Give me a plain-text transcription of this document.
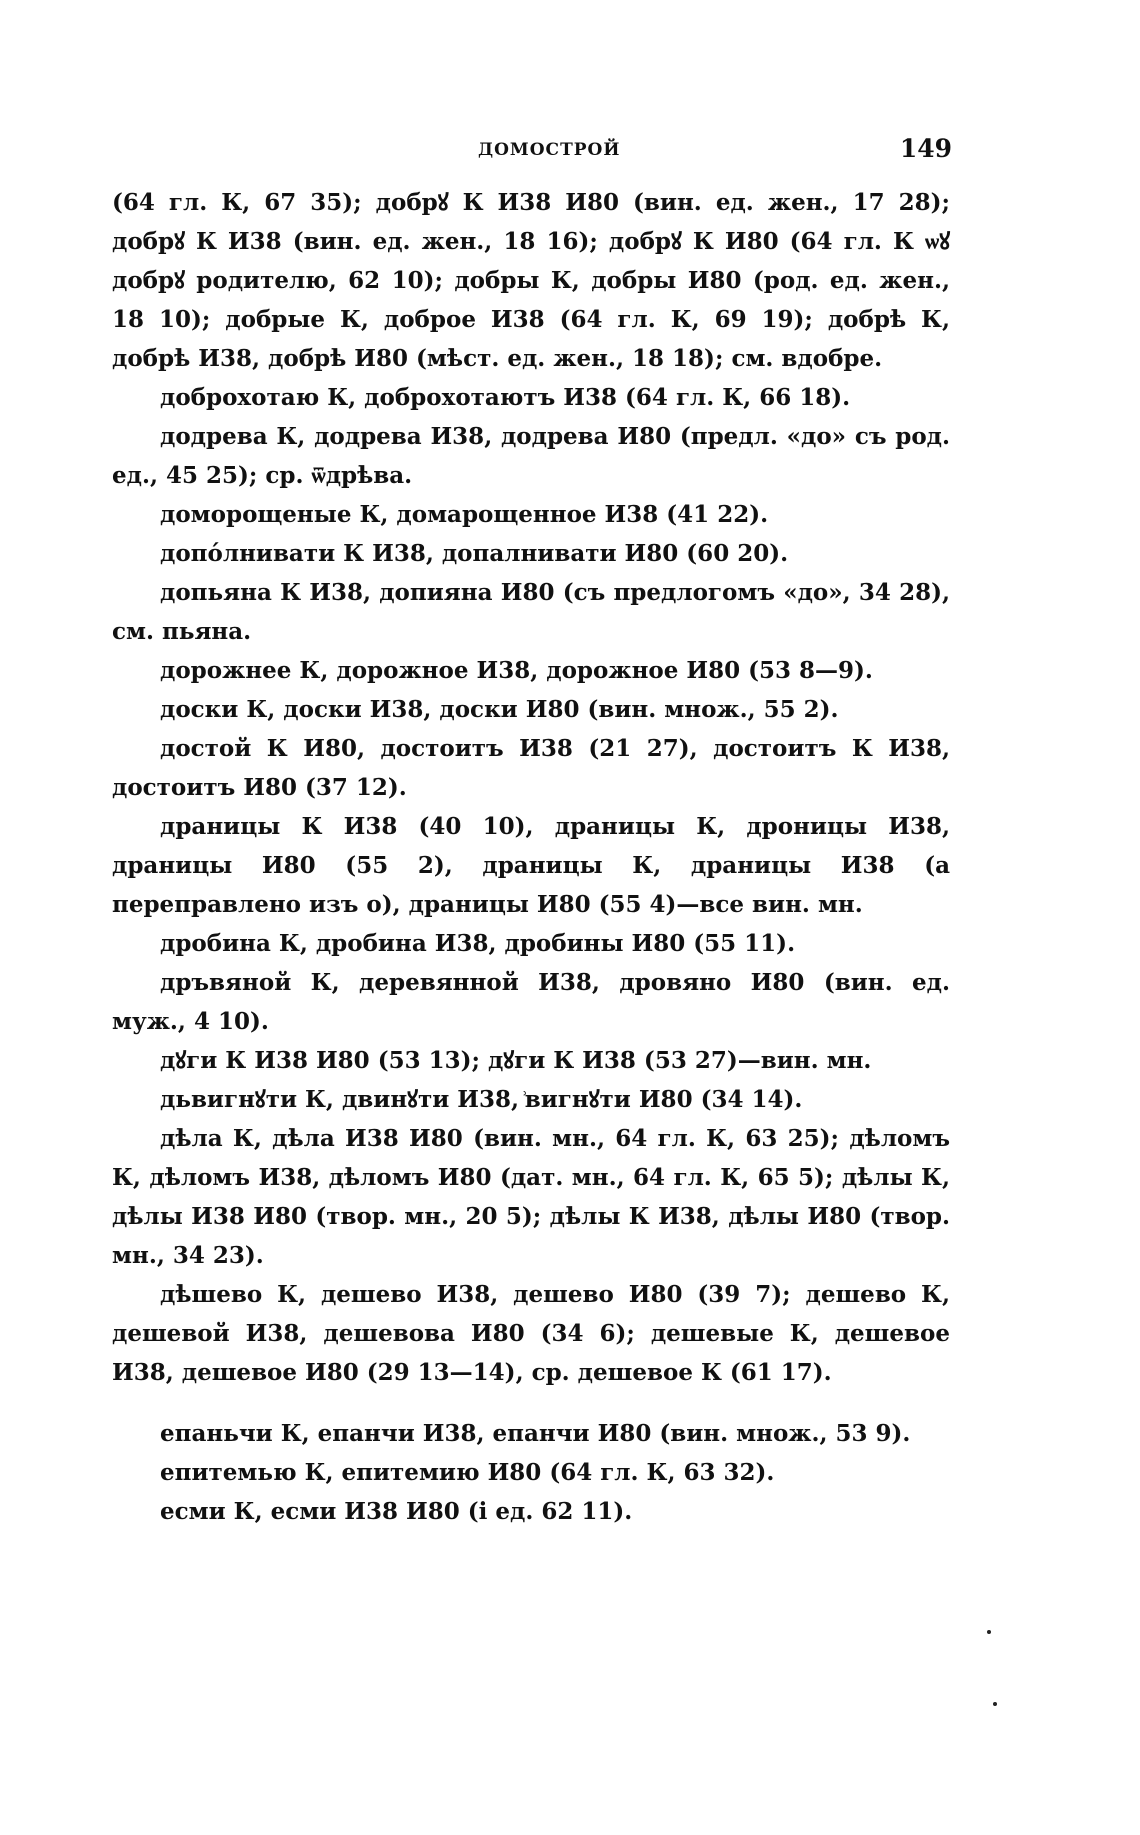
ДОМОСТРОЙ	149

(64 гл. К, 67 35); добрꙋ К И38 И80 (вин. ед. жен., 17 28); добрꙋ К И38 (вин. ед. жен., 18 16); добрꙋ К И80 (64 гл. К ѡꙋ добрꙋ родителю, 62 10); добры К, добры И80 (род. ед. жен., 18 10); добрые К, доброе И38 (64 гл. К, 69 19); добрѣ К, добрѣ И38, добрѣ И80 (мѣст. ед. жен., 18 18); см. вдобре.

доброхотаю К, доброхотаютъ И38 (64 гл. К, 66 18).

додрева К, додрева И38, додрева И80 (предл. «до» съ род. ед., 45 25); ср. ѿдрѣва.

доморощеные К, домарощенное И38 (41 22).

допόлнивати К И38, допалнивати И80 (60 20).

допьяна К И38, допияна И80 (съ предлогомъ «до», 34 28), см. пьяна.

дорожнее К, дорожное И38, дорожное И80 (53 8—9).

доски К, доски И38, доски И80 (вин. множ., 55 2).

достой К И80, достоитъ И38 (21 27), достоитъ К И38, достоитъ И80 (37 12).

драницы К И38 (40 10), драницы К, дроницы И38, драницы И80 (55 2), драницы К, драницы И38 (а переправлено изъ о), драницы И80 (55 4)—все вин. мн.

дробина К, дробина И38, дробины И80 (55 11).

дръвяной К, деревянной И38, дровяно И80 (вин. ед. муж., 4 10).

дꙋги К И38 И80 (53 13); дꙋги К И38 (53 27)—вин. мн.

дьвигнꙋти К, двинꙋти И38, ͗вигнꙋти И80 (34 14).

дѣла К, дѣла И38 И80 (вин. мн., 64 гл. К, 63 25); дѣломъ К, дѣломъ И38, дѣломъ И80 (дат. мн., 64 гл. К, 65 5); дѣлы К, дѣлы И38 И80 (твор. мн., 20 5); дѣлы К И38, дѣлы И80 (твор. мн., 34 23).

дѣшево К, дешево И38, дешево И80 (39 7); дешево К, дешевой И38, дешевова И80 (34 6); дешевые К, дешевое И38, дешевое И80 (29 13—14), ср. дешевое К (61 17).

епаньчи К, епанчи И38, епанчи И80 (вин. множ., 53 9).

епитемью К, епитемию И80 (64 гл. К, 63 32).

есми К, есми И38 И80 (і ед. 62 11).
